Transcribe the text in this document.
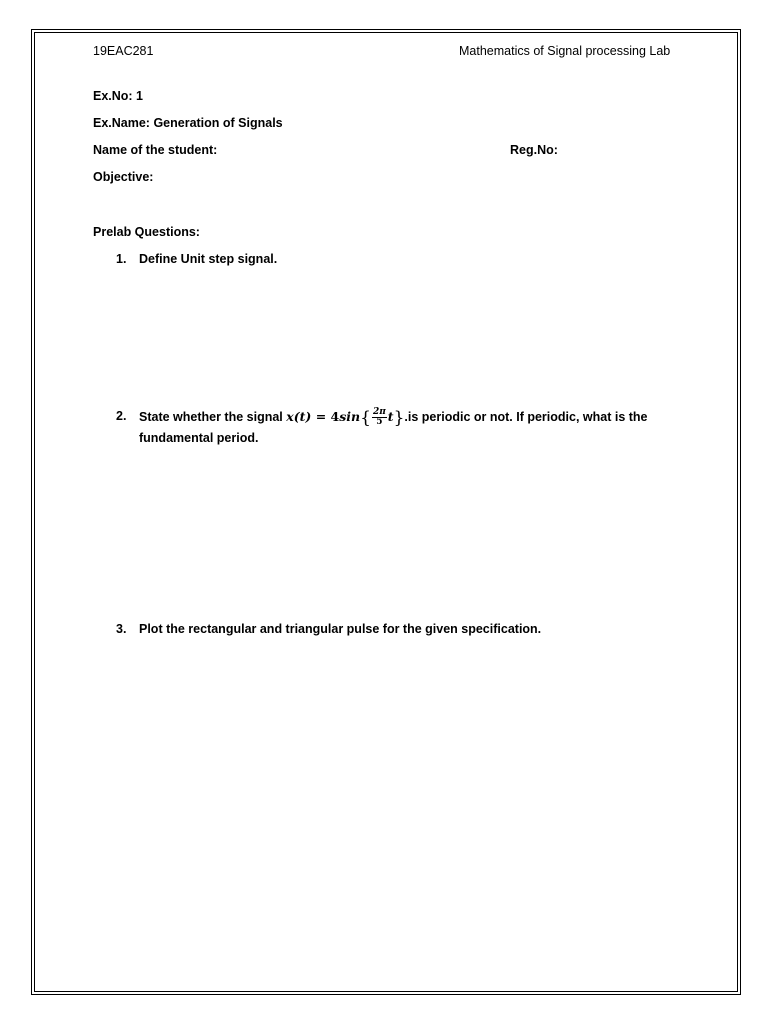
19EAC281	Mathematics of Signal processing Lab
Ex.No: 1
Ex.Name: Generation of Signals
Name of the student:	Reg.No:
Objective:
Prelab Questions:
1. Define Unit step signal.
2. State whether the signal $x(t) = 4\sin\{ \frac{2\pi}{5} t\}.is$ periodic or not. If periodic, what is the
fundamental period.
3. Plot the rectangular and triangular pulse for the given specification.
